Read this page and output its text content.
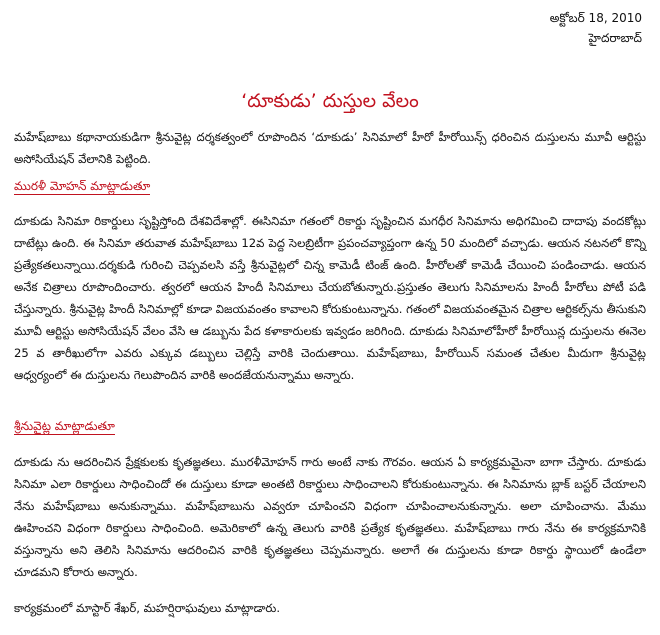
అక్టోబర్ 18, 2010
హైదరాబాద్
‘దూకుడు’ దుస్తుల వేలం
మహేష్‌బాబు కథానాయకుడిగా శ్రీనువైట్ల దర్శకత్వంలో రూపొందిన ‘దూకుడు’ సినిమాలో హీరో హీరోయిన్స్ ధరించిన దుస్తులను మూవీ ఆర్టిస్టు అసోసియేషన్ వేలానికి పెట్టింది.
మురళీ మోహన్ మాట్లాడుతూ
దూకుడు సినిమా రికార్డులు సృష్టిస్తోంది దేశవిదేశాల్లో. ఈసినిమా గతంలో రికార్డు సృష్టించిన మగధీర సినిమాను అధిగమించి దాదాపు వందకోట్లు దాటేట్లు ఉంది. ఈ సినిమా తరువాత మహేష్‌బాబు 12వ పెద్ద సెలబ్రిటీగా ప్రపంచవ్యాప్తంగా ఉన్న 50 మందిలో వచ్చాడు. ఆయన నటనలో కొన్ని ప్రత్యేకతలున్నాయి.దర్శకుడి గురించి చెప్పవలసి వస్తే శ్రీనువైట్లలో చిన్న కామెడీ టింజ్ ఉంది. హీరోలతో కామెడీ చేయించి పండించాడు. ఆయన అనేక చిత్రాలు రూపొందించారు. త్వరలో ఆయన హిందీ సినిమాలు చేయబోతున్నారు.ప్రస్తుతం తెలుగు సినిమాలను హిందీ హీరోలు పోటీ పడి చేస్తున్నారు. శ్రీనువైట్ల హిందీ సినిమాల్లో కూడా విజయవంతం కావాలని కోరుకుంటున్నాను. గతంలో విజయవంతమైన చిత్రాల ఆర్టికల్స్‌ను తీసుకుని మూవీ ఆర్టిస్టు అసోసియేషన్ వేలం వేసి ఆ డబ్బును పేద కళాకారులకు ఇవ్వడం జరిగింది. దూకుడు సినిమాలోహీరో హీరోయిన్ల దుస్తులను ఈనెల 25 వ తారీఖులోగా ఎవరు ఎక్కువ డబ్బులు చెల్లిస్తే వారికి చెందుతాయి. మహేష్‌బాబు, హీరోయిన్ సమంత చేతుల మీదుగా శ్రీనువైట్ల ఆధ్వర్యంలో ఈ దుస్తులను గెలుపొందిన వారికి అందజేయనున్నాము అన్నారు.
శ్రీనువైట్ల మాట్లాడుతూ
దూకుడు ను ఆదరించిన ప్రేక్షకులకు కృతజ్ఞతలు. మురళీమోహన్ గారు అంటే నాకు గౌరవం. ఆయన ఏ కార్యక్రమమైనా బాగా చేస్తారు. దూకుడు సినిమా ఎలా రికార్డులు సాధించిందో ఈ దుస్తులు కూడా అంతటి రికార్డులు సాధించాలని కోరుకుంటున్నాను. ఈ సినిమాను బ్లాక్ బస్టర్ చేయాలని నేను మహేష్‌బాబు అనుకున్నాము. మహేష్‌బాబును ఎవ్వరూ చూపించని విధంగా చూపించాలనుకున్నాను. అలా చూపించాను. మేము ఊహించని విధంగా రికార్డులు సాధించింది. అమెరికాలో ఉన్న తెలుగు వారికి ప్రత్యేక కృతజ్ఞతలు. మహేష్‌బాబు గారు నేను ఈ కార్యక్రమానికి వస్తున్నాను అని తెలిసి సినిమాను ఆదరించిన వారికి కృతజ్ఞతలు చెప్పమన్నారు. అలాగే ఈ దుస్తులను కూడా రికార్డు స్థాయిలో ఉండేలా చూడమని కోరారు అన్నారు.
కార్యక్రమంలో మాస్టార్ శేఖర్, మహర్షిరాఘవులు మాట్లాడారు.
